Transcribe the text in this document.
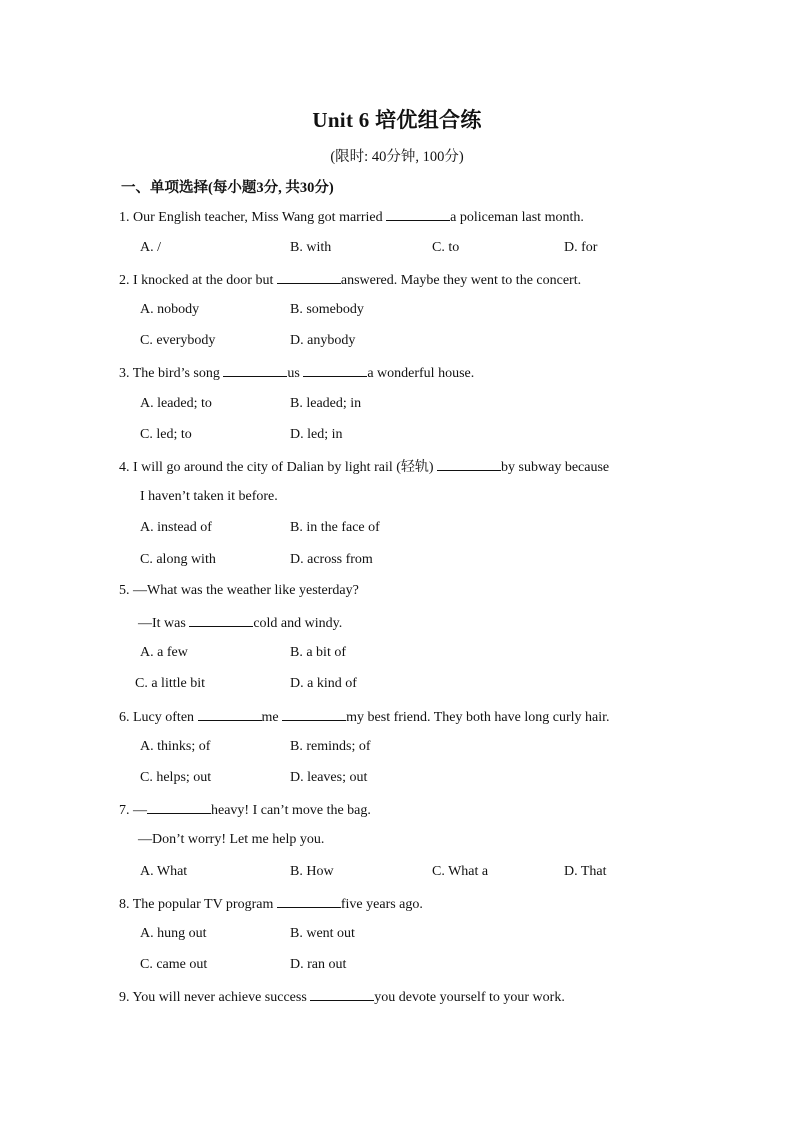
Unit 6 培优组合练
(限时: 40分钟, 100分)
一、单项选择(每小题3分, 共30分)
1. Our English teacher, Miss Wang got married	a policeman last month.
A. /	B. with	C. to	D. for
2. I knocked at the door but	answered. Maybe they went to the concert.
A. nobody	B. somebody
C. everybody	D. anybody
3. The bird’s song	us	a wonderful house.
A. leaded; to	B. leaded; in
C. led; to	D. led; in
4. I will go around the city of Dalian by light rail (轻轨)	by subway because
I haven’t taken it before.
A. instead of	B. in the face of
C. along with	D. across from
5. —What was the weather like yesterday?
—It was	cold and windy.
A. a few	B. a bit of
C. a little bit	D. a kind of
6. Lucy often	me	my best friend. They both have long curly hair.
A. thinks; of	B. reminds; of
C. helps; out	D. leaves; out
7. —	heavy! I can’t move the bag.
—Don’t worry! Let me help you.
A. What	B. How	C. What a	D. That
8. The popular TV program	five years ago.
A. hung out	B. went out
C. came out	D. ran out
9. You will never achieve success	you devote yourself to your work.
